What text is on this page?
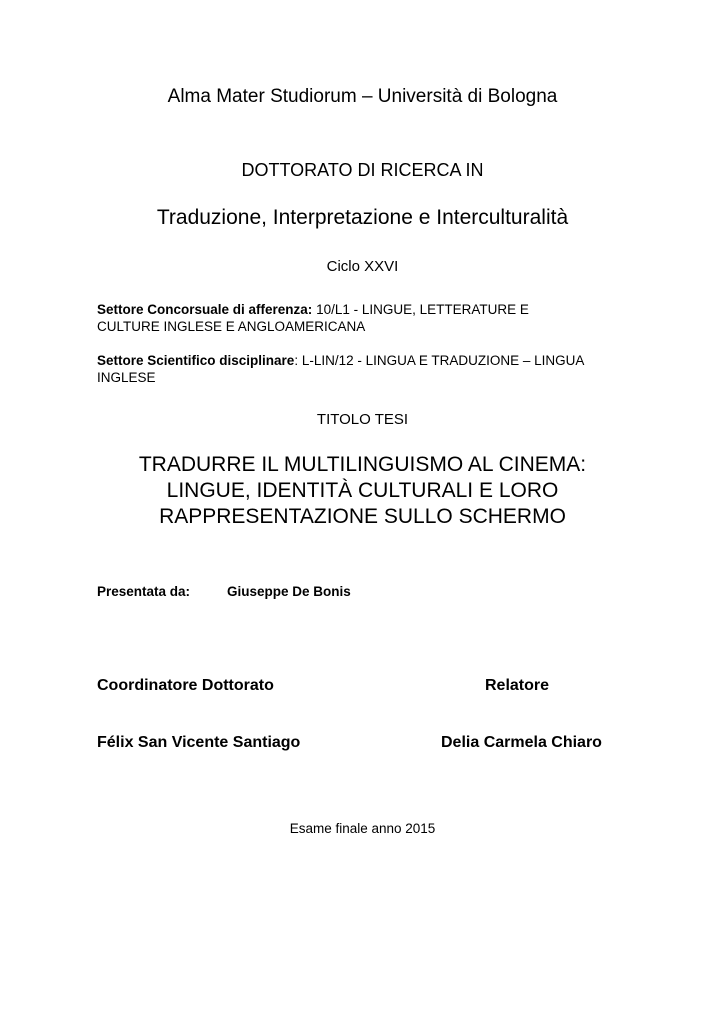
Alma Mater Studiorum – Università di Bologna
DOTTORATO DI RICERCA IN
Traduzione, Interpretazione e Interculturalità
Ciclo XXVI
Settore Concorsuale di afferenza: 10/L1 - LINGUE, LETTERATURE E
CULTURE INGLESE E ANGLOAMERICANA
Settore Scientifico disciplinare: L-LIN/12 - LINGUA E TRADUZIONE – LINGUA
INGLESE
TITOLO TESI
TRADURRE IL MULTILINGUISMO AL CINEMA:
LINGUE, IDENTITÀ CULTURALI E LORO
RAPPRESENTAZIONE SULLO SCHERMO
Presentata da:	Giuseppe De Bonis
Coordinatore Dottorato	Relatore
Félix San Vicente Santiago	Delia Carmela Chiaro
Esame finale anno 2015
